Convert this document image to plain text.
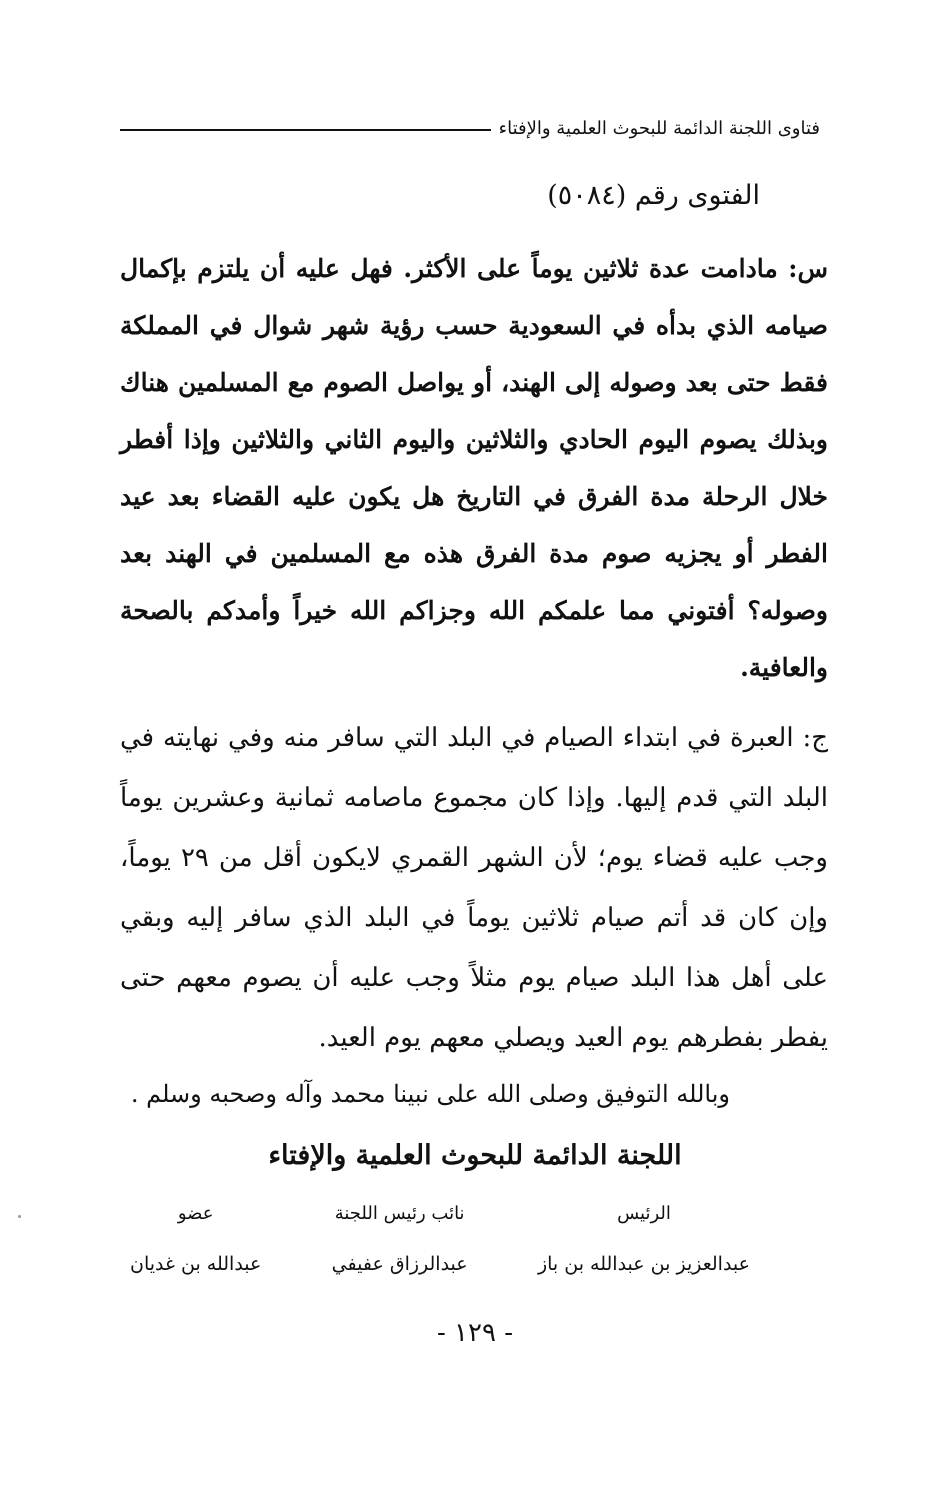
فتاوى اللجنة الدائمة للبحوث العلمية والإفتاء
الفتوى رقم (٥٠٨٤)

س: مادامت عدة ثلاثين يوماً على الأكثر. فهل عليه أن يلتزم بإكمال صيامه الذي بدأه في السعودية حسب رؤية شهر شوال في المملكة فقط حتى بعد وصوله إلى الهند، أو يواصل الصوم مع المسلمين هناك وبذلك يصوم اليوم الحادي والثلاثين واليوم الثاني والثلاثين وإذا أفطر خلال الرحلة مدة الفرق في التاريخ هل يكون عليه القضاء بعد عيد الفطر أو يجزيه صوم مدة الفرق هذه مع المسلمين في الهند بعد وصوله؟ أفتوني مما علمكم الله وجزاكم الله خيراً وأمدكم بالصحة والعافية.

ج: العبرة في ابتداء الصيام في البلد التي سافر منه وفي نهايته في البلد التي قدم إليها. وإذا كان مجموع ماصامه ثمانية وعشرين يوماً وجب عليه قضاء يوم؛ لأن الشهر القمري لايكون أقل من ٢٩ يوماً، وإن كان قد أتم صيام ثلاثين يوماً في البلد الذي سافر إليه وبقي على أهل هذا البلد صيام يوم مثلاً وجب عليه أن يصوم معهم حتى يفطر بفطرهم يوم العيد ويصلي معهم يوم العيد.

وبالله التوفيق وصلى الله على نبينا محمد وآله وصحبه وسلم .
اللجنة الدائمة للبحوث العلمية والإفتاء
عضو
عبدالله بن غديان
نائب رئيس اللجنة
عبدالرزاق عفيفي
الرئيس
عبدالعزيز بن عبدالله بن باز
- ١٢٩ -
